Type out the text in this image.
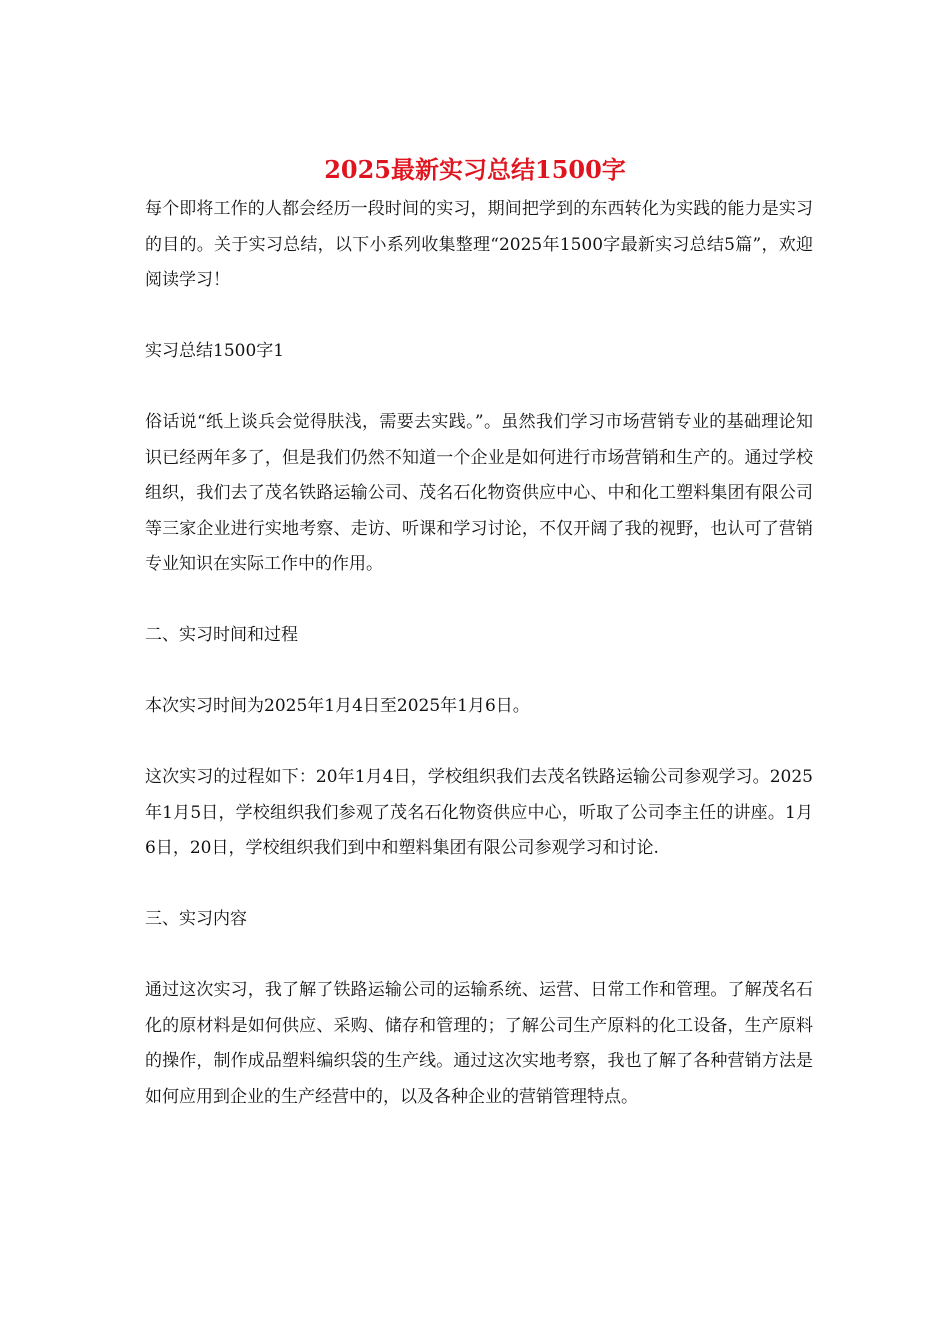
2025最新实习总结1500字

每个即将工作的人都会经历一段时间的实习，期间把学到的东西转化为实践的能力是实习的目的。关于实习总结，以下小系列收集整理“2025年1500字最新实习总结5篇”，欢迎阅读学习！

实习总结1500字1

俗话说“纸上谈兵会觉得肤浅，需要去实践。”。虽然我们学习市场营销专业的基础理论知识已经两年多了，但是我们仍然不知道一个企业是如何进行市场营销和生产的。通过学校组织，我们去了茂名铁路运输公司、茂名石化物资供应中心、中和化工塑料集团有限公司等三家企业进行实地考察、走访、听课和学习讨论，不仅开阔了我的视野，也认可了营销专业知识在实际工作中的作用。

二、实习时间和过程

本次实习时间为2025年1月4日至2025年1月6日。

这次实习的过程如下：20年1月4日，学校组织我们去茂名铁路运输公司参观学习。2025年1月5日，学校组织我们参观了茂名石化物资供应中心，听取了公司李主任的讲座。1月6日，20日，学校组织我们到中和塑料集团有限公司参观学习和讨论.

三、实习内容

通过这次实习，我了解了铁路运输公司的运输系统、运营、日常工作和管理。了解茂名石化的原材料是如何供应、采购、储存和管理的；了解公司生产原料的化工设备，生产原料的操作，制作成品塑料编织袋的生产线。通过这次实地考察，我也了解了各种营销方法是如何应用到企业的生产经营中的，以及各种企业的营销管理特点。
